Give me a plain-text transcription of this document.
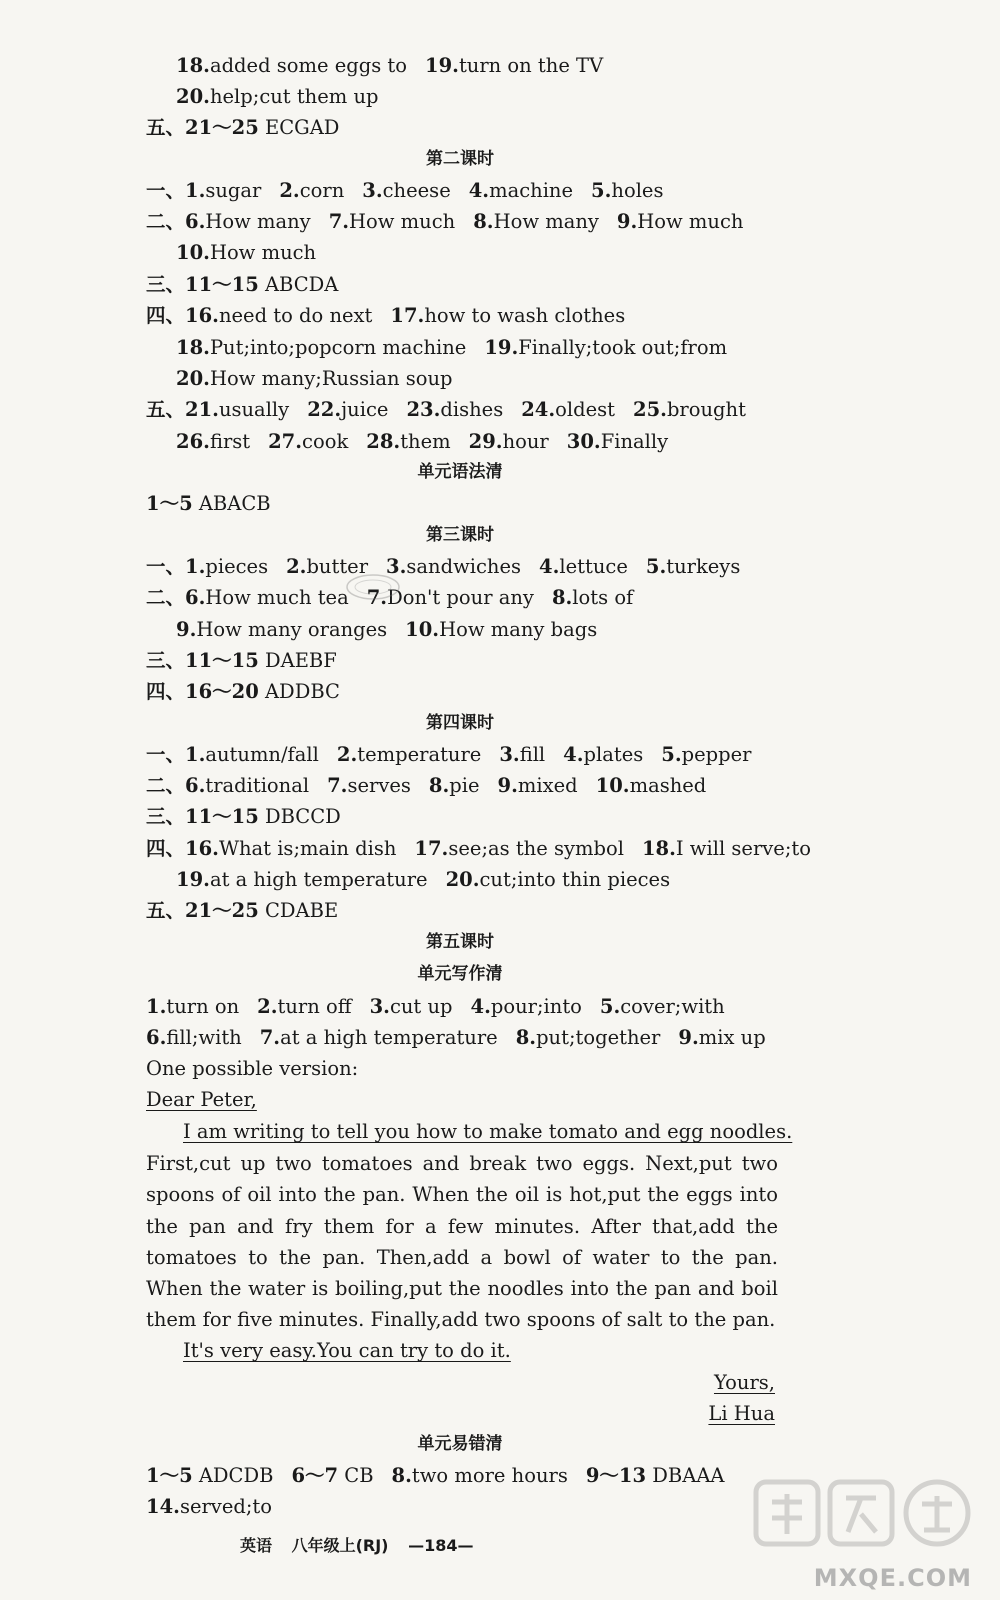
18.added some eggs to 19.turn on the TV
20.help;cut them up
五、21～25 ECGAD
一、1.sugar 2.corn 3.cheese 4.machine 5.holes
二、6.How many 7.How much 8.How many 9.How much
10.How much
三、11～15 ABCDA
四、16.need to do next 17.how to wash clothes
18.Put;into;popcorn machine 19.Finally;took out;from
20.How many;Russian soup
五、21.usually 22.juice 23.dishes 24.oldest 25.brought
26.first 27.cook 28.them 29.hour 30.Finally
1～5 ABACB
一、1.pieces 2.butter 3.sandwiches 4.lettuce 5.turkeys
二、6.How much tea 7.Don't pour any 8.lots of
9.How many oranges 10.How many bags
三、11～15 DAEBF
四、16～20 ADDBC
一、1.autumn/fall 2.temperature 3.fill 4.plates 5.pepper
二、6.traditional 7.serves 8.pie 9.mixed 10.mashed
三、11～15 DBCCD
四、16.What is;main dish 17.see;as the symbol 18.I will serve;to
19.at a high temperature 20.cut;into thin pieces
五、21～25 CDABE
1.turn on 2.turn off 3.cut up 4.pour;into 5.cover;with
6.fill;with 7.at a high temperature 8.put;together 9.mix up
1～5 ADCDB 6～7 CB 8.two more hours 9～13 DBAAA
14.served;to
第二课时
单元语法清
第三课时
第四课时
第五课时
单元写作清
单元易错清
One possible version:
Dear Peter,
I am writing to tell you how to make tomato and egg noodles.
First,cut up two tomatoes and break two eggs. Next,put two spoons of oil into the pan. When the oil is hot,put the eggs into the pan and fry them for a few minutes. After that,add the tomatoes to the pan. Then,add a bowl of water to the pan. When the water is boiling,put the noodles into the pan and boil them for five minutes. Finally,add two spoons of salt to the pan.
It's very easy.You can try to do it.
Yours,
Li Hua
英语 八年级上(RJ) —184—
MXQE.COM
